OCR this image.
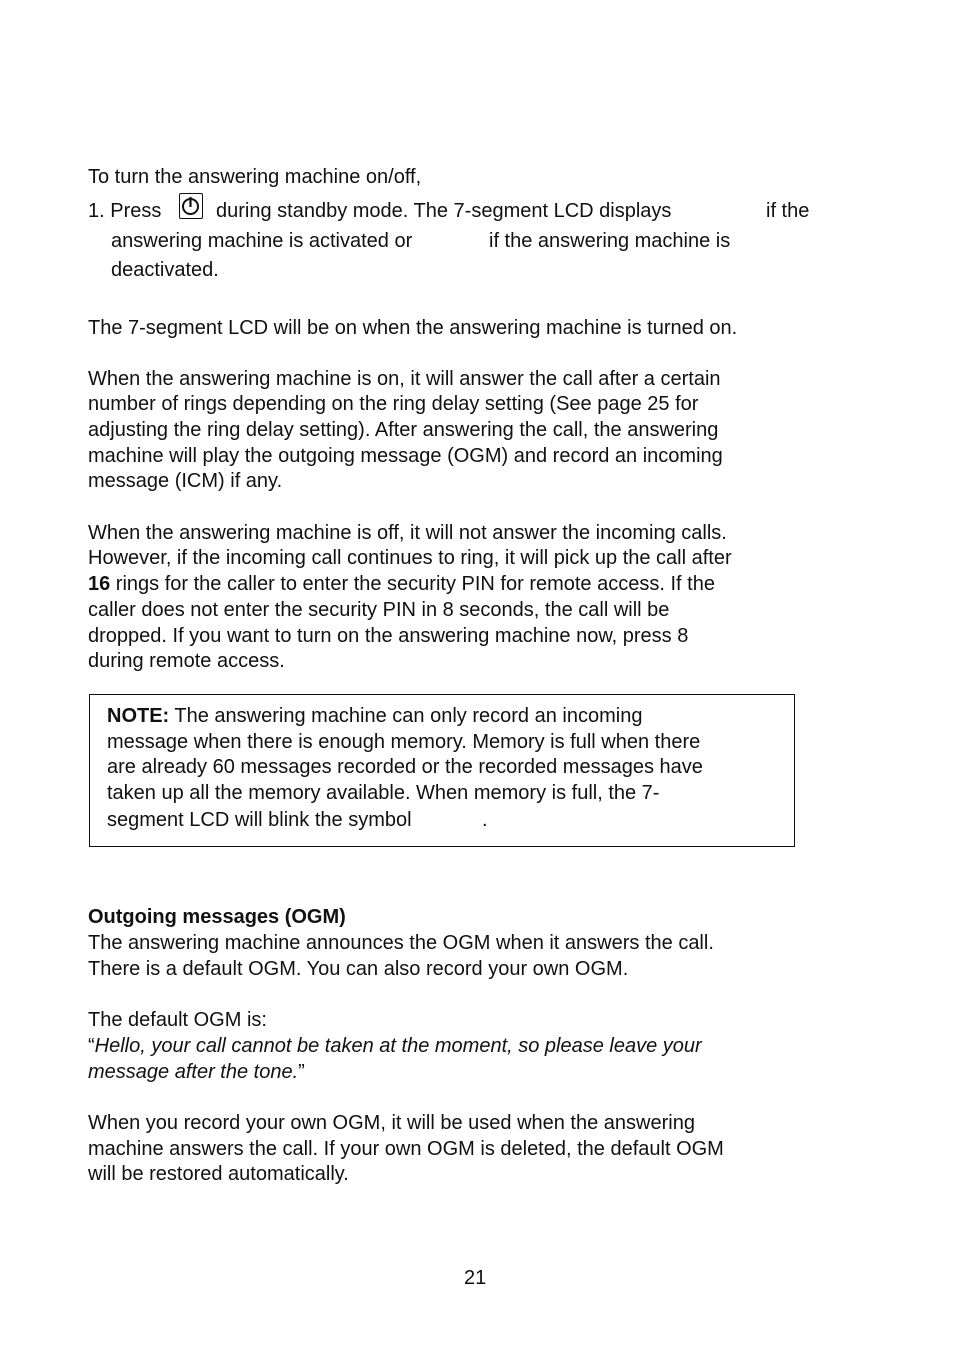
To turn the answering machine on/off,

1. Press	during standby mode. The 7-segment LCD displays	if the

answering machine is activated or	if the answering machine is

deactivated.

The 7-segment LCD will be on when the answering machine is turned on.

When the answering machine is on, it will answer the call after a certain

number of rings depending on the ring delay setting (See page 25 for

adjusting the ring delay setting). After answering the call, the answering

machine will play the outgoing message (OGM) and record an incoming

message (ICM) if any.

When the answering machine is off, it will not answer the incoming calls.

However, if the incoming call continues to ring, it will pick up the call after

16 rings for the caller to enter the security PIN for remote access. If the

caller does not enter the security PIN in 8 seconds, the call will be

dropped. If you want to turn on the answering machine now, press 8

during remote access.

NOTE: The answering machine can only record an incoming

message when there is enough memory. Memory is full when there

are already 60 messages recorded or the recorded messages have

taken up all the memory available. When memory is full, the 7-

segment LCD will blink the symbol	.

Outgoing messages (OGM)

The answering machine announces the OGM when it answers the call.

There is a default OGM. You can also record your own OGM.

The default OGM is:

“Hello, your call cannot be taken at the moment, so please leave your

message after the tone.”

When you record your own OGM, it will be used when the answering

machine answers the call. If your own OGM is deleted, the default OGM

will be restored automatically.

21
